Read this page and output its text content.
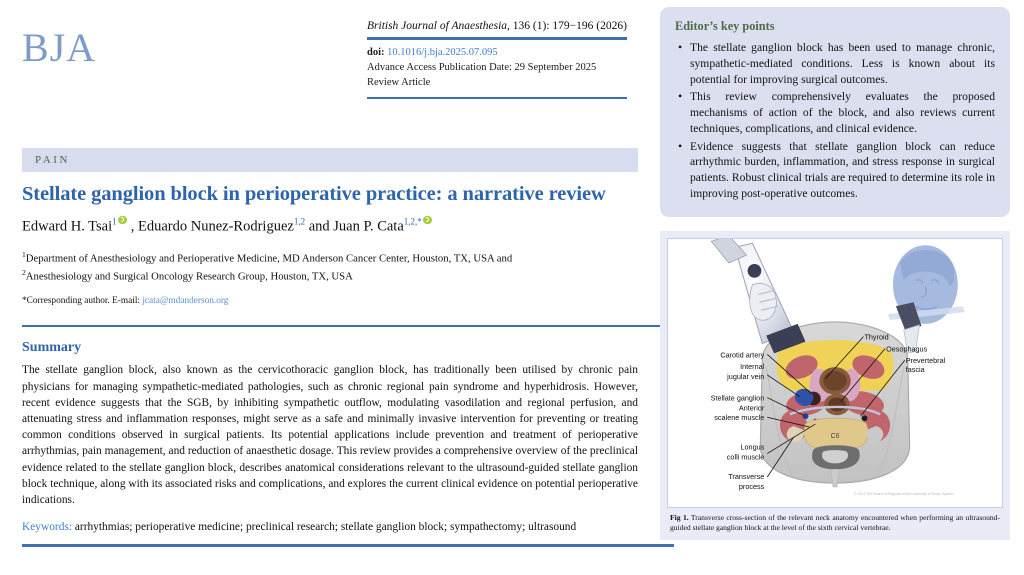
BJA	British Journal of Anaesthesia, 136 (1): 179−196 (2026)
doi: 10.1016/j.bja.2025.07.095
Advance Access Publication Date: 29 September 2025
Review Article
PAIN
Stellate ganglion block in perioperative practice: a narrative review
Edward H. Tsai$^1$ , Eduardo Nunez-Rodriguez$^{1,2}$ and Juan P. Cata$^{1,2,*}$
$^1$Department of Anesthesiology and Perioperative Medicine, MD Anderson Cancer Center, Houston, TX, USA and
$^2$Anesthesiology and Surgical Oncology Research Group, Houston, TX, USA
*Corresponding author. E-mail: jcata@mdanderson.org
Summary
The stellate ganglion block, also known as the cervicothoracic ganglion block, has traditionally been utilised by chronic pain physicians for managing sympathetic-mediated pathologies, such as chronic regional pain syndrome and hyperhidrosis. However, recent evidence suggests that the SGB, by inhibiting sympathetic outflow, modulating vasodilation and regional perfusion, and attenuating stress and inflammation responses, might serve as a safe and minimally invasive intervention for preventing or treating common conditions observed in surgical patients. Its potential applications include prevention and treatment of perioperative arrhythmias, pain management, and reduction of anaesthetic dosage. This review provides a comprehensive overview of the preclinical evidence related to the stellate ganglion block, describes anatomical considerations relevant to the ultrasound-guided stellate ganglion block technique, along with its associated risks and complications, and explores the current clinical evidence on potential perioperative indications.
Keywords: arrhythmias; perioperative medicine; preclinical research; stellate ganglion block; sympathectomy; ultrasound
Editor’s key points
• The stellate ganglion block has been used to manage chronic, sympathetic-mediated conditions. Less is known about its potential for improving surgical outcomes.
• This review comprehensively evaluates the proposed mechanisms of action of the block, and also reviews current techniques, complications, and clinical evidence.
• Evidence suggests that stellate ganglion block can reduce arrhythmic burden, inflammation, and stress response in surgical patients. Robust clinical trials are required to determine its role in improving post-operative outcomes.
C6
Carotid artery
Internal
jugular vein
Stellate ganglion
Anterior
scalene muscle
Longus
colli muscle
Transverse
process
Thyroid
Oesophagus
Prevertebral
fascia
© 2021 The Board of Regents of the University of Texas System
Fig 1. Transverse cross-section of the relevant neck anatomy encountered when performing an ultrasound-guided stellate ganglion block at the level of the sixth cervical vertebrae.
